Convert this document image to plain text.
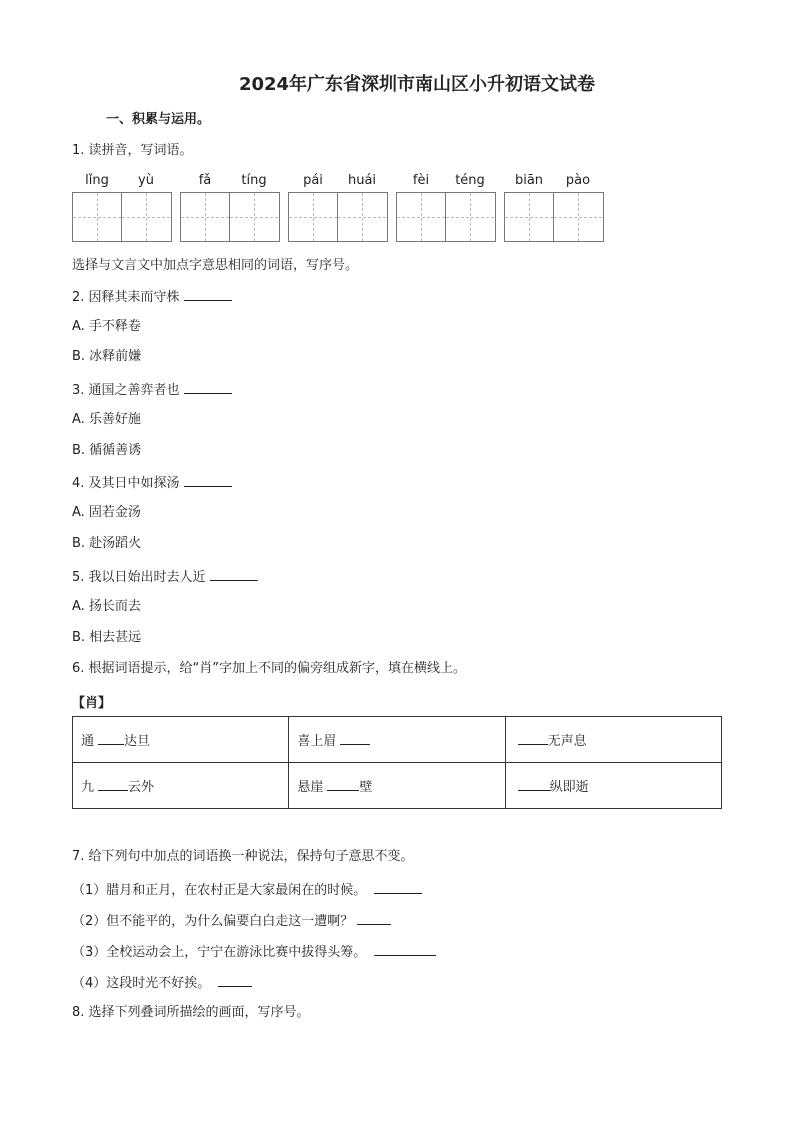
2024年广东省深圳市南山区小升初语文试卷
一、积累与运用。
1. 读拼音，写词语。
lǐng	yù	fǎ	tíng	pái	huái	fèi	téng	biān	pào
选择与文言文中加点字意思相同的词语，写序号。
2. 因释其耒而守株
A. 手不释卷
B. 冰释前嫌
3. 通国之善弈者也
A. 乐善好施
B. 循循善诱
4. 及其日中如探汤
A. 固若金汤
B. 赴汤蹈火
5. 我以日始出时去人近
A. 扬长而去
B. 相去甚远
6. 根据词语提示，给“肖”字加上不同的偏旁组成新字，填在横线上。
【肖】
通 达旦	喜上眉	无声息
九 云外	悬崖 壁	纵即逝
7. 给下列句中加点的词语换一种说法，保持句子意思不变。
（1）腊月和正月，在农村正是大家最闲在的时候。
（2）但不能平的，为什么偏要白白走这一遭啊？
（3）全校运动会上，宁宁在游泳比赛中拔得头筹。
（4）这段时光不好挨。
8. 选择下列叠词所描绘的画面，写序号。
